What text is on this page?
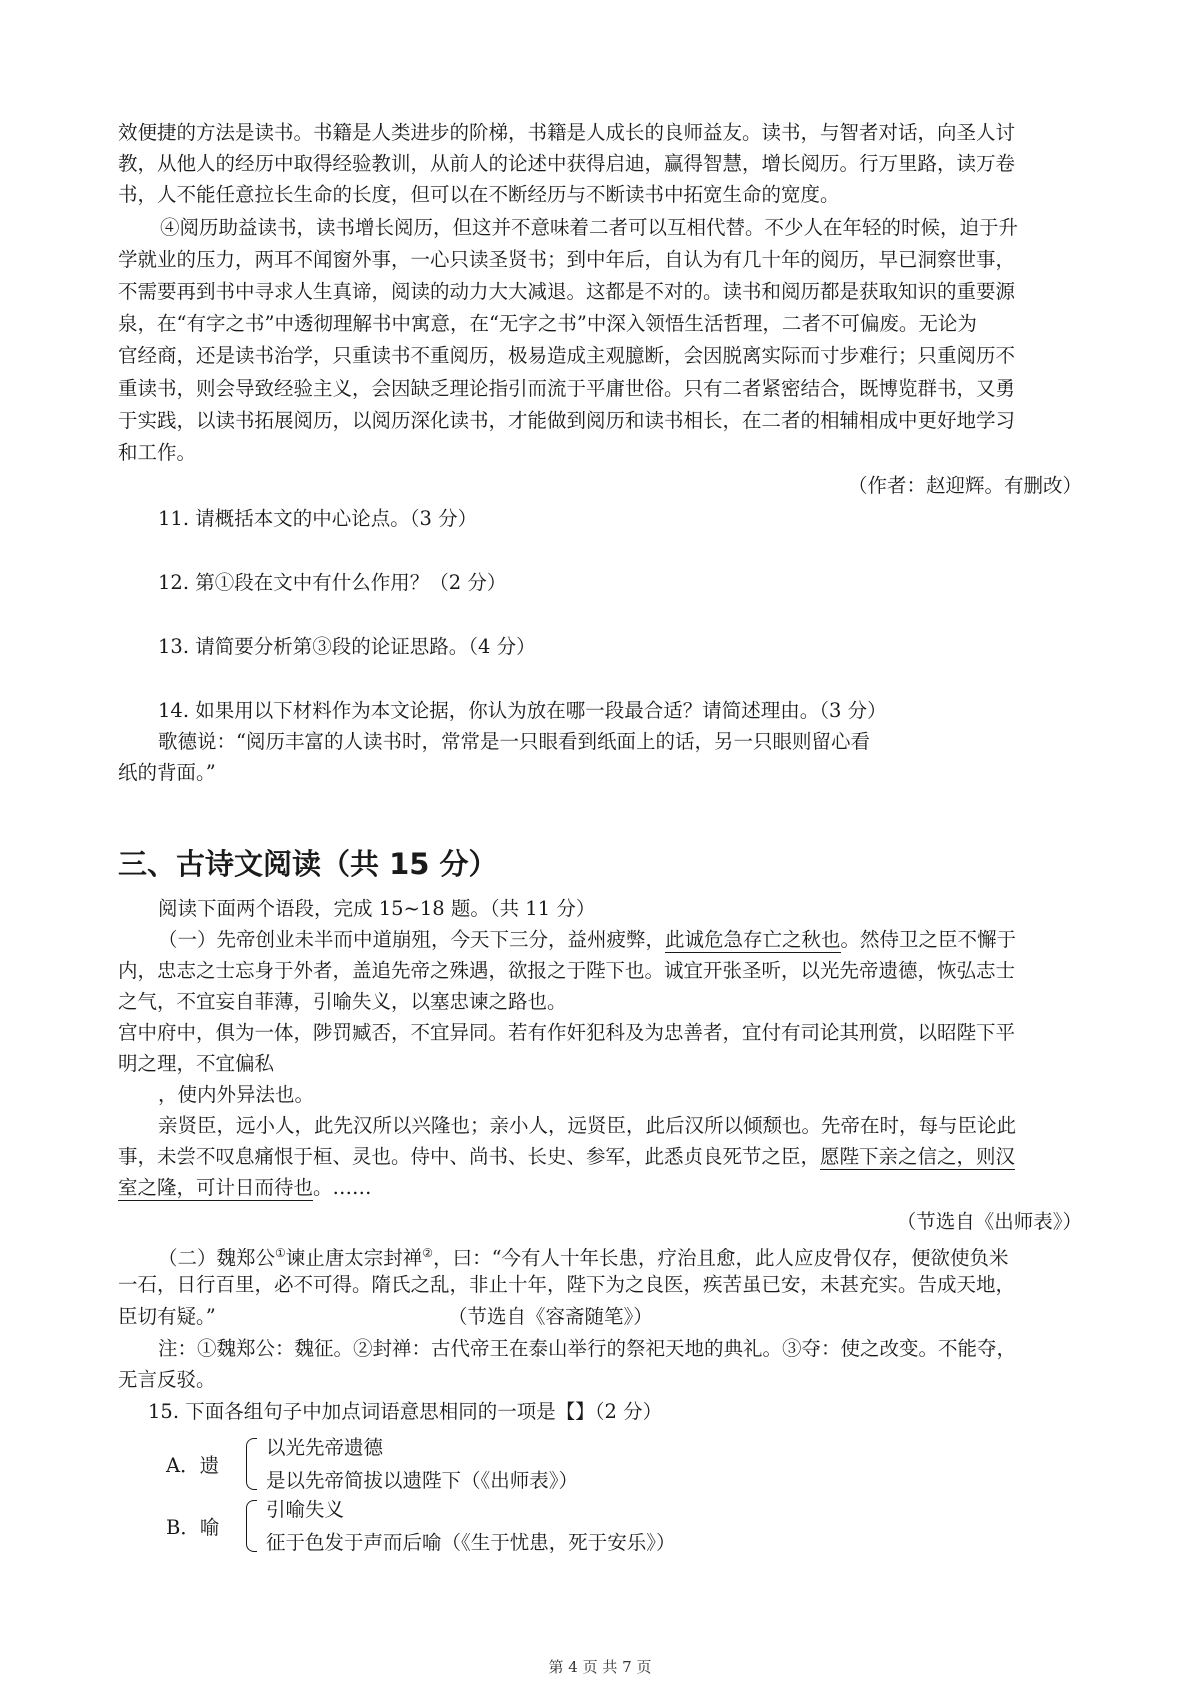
效便捷的方法是读书。书籍是人类进步的阶梯，书籍是人成长的良师益友。读书，与智者对话，向圣人讨
教，从他人的经历中取得经验教训，从前人的论述中获得启迪，赢得智慧，增长阅历。行万里路，读万卷
书，人不能任意拉长生命的长度，但可以在不断经历与不断读书中拓宽生命的宽度。
④阅历助益读书，读书增长阅历，但这并不意味着二者可以互相代替。不少人在年轻的时候，迫于升
学就业的压力，两耳不闻窗外事，一心只读圣贤书；到中年后，自认为有几十年的阅历，早已洞察世事，
不需要再到书中寻求人生真谛，阅读的动力大大减退。这都是不对的。读书和阅历都是获取知识的重要源
泉，在“有字之书”中透彻理解书中寓意，在“无字之书”中深入领悟生活哲理，二者不可偏废。无论为
官经商，还是读书治学，只重读书不重阅历，极易造成主观臆断，会因脱离实际而寸步难行；只重阅历不
重读书，则会导致经验主义，会因缺乏理论指引而流于平庸世俗。只有二者紧密结合，既博览群书，又勇
于实践，以读书拓展阅历，以阅历深化读书，才能做到阅历和读书相长，在二者的相辅相成中更好地学习
和工作。
（作者：赵迎辉。有删改）
11. 请概括本文的中心论点。（3 分）
12. 第①段在文中有什么作用？（2 分）
13. 请简要分析第③段的论证思路。（4 分）
14. 如果用以下材料作为本文论据，你认为放在哪一段最合适？请简述理由。（3 分）
歌德说：“阅历丰富的人读书时，常常是一只眼看到纸面上的话，另一只眼则留心看
纸的背面。”
三、古诗文阅读（共 15 分）
阅读下面两个语段，完成 15~18 题。（共 11 分）
（一）先帝创业未半而中道崩殂，今天下三分，益州疲弊，此诚危急存亡之秋也。然侍卫之臣不懈于
内，忠志之士忘身于外者，盖追先帝之殊遇，欲报之于陛下也。诚宜开张圣听，以光先帝遗德，恢弘志士
之气，不宜妄自菲薄，引喻失义，以塞忠谏之路也。
宫中府中，俱为一体，陟罚臧否，不宜异同。若有作奸犯科及为忠善者，宜付有司论其刑赏，以昭陛下平
明之理，不宜偏私
，使内外异法也。
亲贤臣，远小人，此先汉所以兴隆也；亲小人，远贤臣，此后汉所以倾颓也。先帝在时，每与臣论此
事，未尝不叹息痛恨于桓、灵也。侍中、尚书、长史、参军，此悉贞良死节之臣，愿陛下亲之信之，则汉
室之隆，可计日而待也。……
（节选自《出师表》）
（二）魏郑公①谏止唐太宗封禅②，曰：“今有人十年长患，疗治且愈，此人应皮骨仅存，便欲使负米
一石，日行百里，必不可得。隋氏之乱，非止十年，陛下为之良医，疾苦虽已安，未甚充实。告成天地，
臣切有疑。”	（节选自《容斋随笔》）
注：①魏郑公：魏征。②封禅：古代帝王在泰山举行的祭祀天地的典礼。③夺：使之改变。不能夺，
无言反驳。
15. 下面各组句子中加点词语意思相同的一项是【】（2 分）
A．遗
以光先帝遗德
是以先帝简拔以遗陛下（《出师表》）
B．喻
引喻失义
征于色发于声而后喻（《生于忧患，死于安乐》）
第 4 页 共 7 页
